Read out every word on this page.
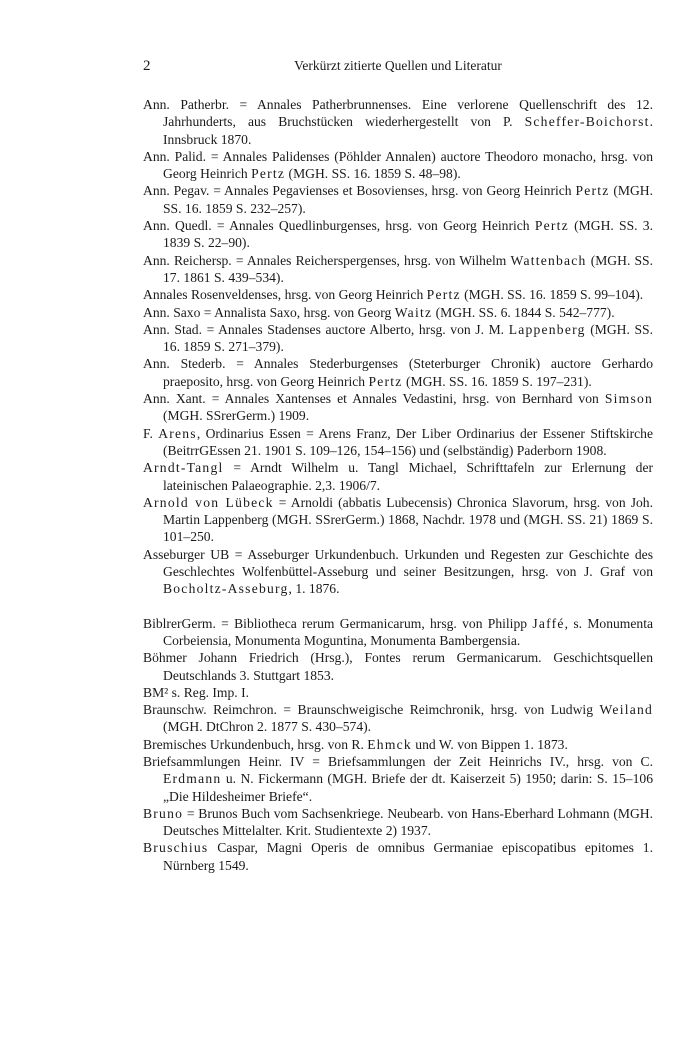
2	Verkürzt zitierte Quellen und Literatur

Ann. Patherbr. = Annales Patherbrunnenses. Eine verlorene Quellenschrift des 12. Jahrhunderts, aus Bruchstücken wiederhergestellt von P. Scheffer-Boichorst. Innsbruck 1870.

Ann. Palid. = Annales Palidenses (Pöhlder Annalen) auctore Theodoro monacho, hrsg. von Georg Heinrich Pertz (MGH. SS. 16. 1859 S. 48–98).

Ann. Pegav. = Annales Pegavienses et Bosovienses, hrsg. von Georg Heinrich Pertz (MGH. SS. 16. 1859 S. 232–257).

Ann. Quedl. = Annales Quedlinburgenses, hrsg. von Georg Heinrich Pertz (MGH. SS. 3. 1839 S. 22–90).

Ann. Reichersp. = Annales Reicherspergenses, hrsg. von Wilhelm Wattenbach (MGH. SS. 17. 1861 S. 439–534).

Annales Rosenveldenses, hrsg. von Georg Heinrich Pertz (MGH. SS. 16. 1859 S. 99–104).

Ann. Saxo = Annalista Saxo, hrsg. von Georg Waitz (MGH. SS. 6. 1844 S. 542–777).

Ann. Stad. = Annales Stadenses auctore Alberto, hrsg. von J. M. Lappenberg (MGH. SS. 16. 1859 S. 271–379).

Ann. Stederb. = Annales Stederburgenses (Steterburger Chronik) auctore Gerhardo praeposito, hrsg. von Georg Heinrich Pertz (MGH. SS. 16. 1859 S. 197–231).

Ann. Xant. = Annales Xantenses et Annales Vedastini, hrsg. von Bernhard von Simson (MGH. SSrerGerm.) 1909.

F. Arens, Ordinarius Essen = Arens Franz, Der Liber Ordinarius der Essener Stiftskirche (BeitrrGEssen 21. 1901 S. 109–126, 154–156) und (selbständig) Paderborn 1908.

Arndt-Tangl = Arndt Wilhelm u. Tangl Michael, Schrifttafeln zur Erlernung der lateinischen Palaeographie. 2,3. 1906/7.

Arnold von Lübeck = Arnoldi (abbatis Lubecensis) Chronica Slavorum, hrsg. von Joh. Martin Lappenberg (MGH. SSrerGerm.) 1868, Nachdr. 1978 und (MGH. SS. 21) 1869 S. 101–250.

Asseburger UB = Asseburger Urkundenbuch. Urkunden und Regesten zur Geschichte des Geschlechtes Wolfenbüttel-Asseburg und seiner Besitzungen, hrsg. von J. Graf von Bocholtz-Asseburg, 1. 1876.

BiblrerGerm. = Bibliotheca rerum Germanicarum, hrsg. von Philipp Jaffé, s. Monumenta Corbeiensia, Monumenta Moguntina, Monumenta Bambergensia.

Böhmer Johann Friedrich (Hrsg.), Fontes rerum Germanicarum. Geschichtsquellen Deutschlands 3. Stuttgart 1853.

BM² s. Reg. Imp. I.

Braunschw. Reimchron. = Braunschweigische Reimchronik, hrsg. von Ludwig Weiland (MGH. DtChron 2. 1877 S. 430–574).

Bremisches Urkundenbuch, hrsg. von R. Ehmck und W. von Bippen 1. 1873.

Briefsammlungen Heinr. IV = Briefsammlungen der Zeit Heinrichs IV., hrsg. von C. Erdmann u. N. Fickermann (MGH. Briefe der dt. Kaiserzeit 5) 1950; darin: S. 15–106 „Die Hildesheimer Briefe“.

Bruno = Brunos Buch vom Sachsenkriege. Neubearb. von Hans-Eberhard Lohmann (MGH. Deutsches Mittelalter. Krit. Studientexte 2) 1937.

Bruschius Caspar, Magni Operis de omnibus Germaniae episcopatibus epitomes 1. Nürnberg 1549.
